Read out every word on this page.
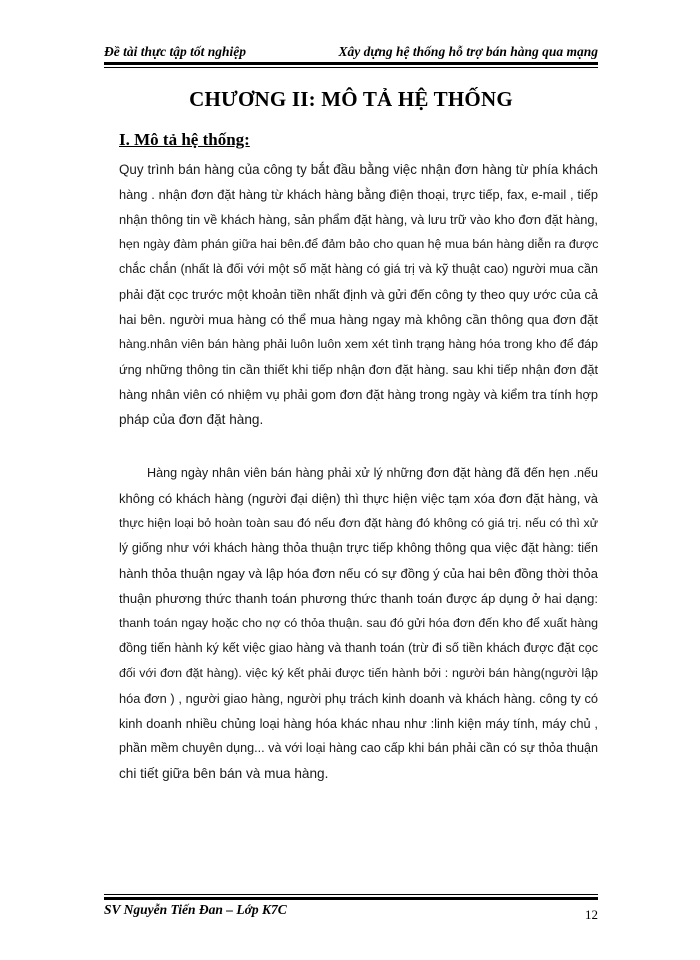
Đề tài thực tập tốt nghiệp	Xây dựng hệ thống hỗ trợ bán hàng qua mạng
CHƯƠNG II: MÔ TẢ HỆ THỐNG
I. Mô tả hệ thống:
Quy trình bán hàng của công ty bắt đầu bằng việc nhận đơn hàng từ phía khách
hàng . nhận đơn đặt hàng từ khách hàng bằng điện thoại, trực tiếp, fax, e-mail , tiếp
nhận thông tin về khách hàng, sản phẩm đặt hàng, và lưu trữ vào kho đơn đặt hàng,
hẹn ngày đàm phán giữa hai bên.để đảm bảo cho quan hệ mua bán hàng diễn ra được
chắc chắn (nhất là đối với một số mặt hàng có giá trị và kỹ thuật cao) người mua cần
phải đặt cọc trước một khoản tiền nhất định và gửi đến công ty theo quy ước của cả
hai bên. người mua hàng có thể mua hàng ngay mà không cần thông qua đơn đặt
hàng.nhân viên bán hàng phải luôn luôn xem xét tình trạng hàng hóa trong kho để đáp
ứng những thông tin cần thiết khi tiếp nhận đơn đặt hàng. sau khi tiếp nhận đơn đặt
hàng nhân viên có nhiệm vụ phải gom đơn đặt hàng trong ngày và kiểm tra tính hợp
pháp của đơn đặt hàng.
Hàng ngày nhân viên bán hàng phải xử lý những đơn đặt hàng đã đến hẹn .nếu
không có khách hàng (người đại diện) thì thực hiện việc tạm xóa đơn đặt hàng, và
thực hiện loại bỏ hoàn toàn sau đó nếu đơn đặt hàng đó không có giá trị. nếu có thì xử
lý giống như với khách hàng thỏa thuận trực tiếp không thông qua việc đặt hàng: tiến
hành thỏa thuận ngay và lập hóa đơn nếu có sự đồng ý của hai bên đồng thời thỏa
thuận phương thức thanh toán phương thức thanh toán được áp dụng ở hai dạng:
thanh toán ngay hoặc cho nợ có thỏa thuận. sau đó gửi hóa đơn đến kho để xuất hàng
đồng tiến hành ký kết việc giao hàng và thanh toán (trừ đi số tiền khách được đặt cọc
đối với đơn đặt hàng). việc ký kết phải được tiến hành bởi : người bán hàng(người lập
hóa đơn ) , người giao hàng, người phụ trách kinh doanh và khách hàng. công ty có
kinh doanh nhiều chủng loại hàng hóa khác nhau như :linh kiện máy tính, máy chủ ,
phần mềm chuyên dụng... và với loại hàng cao cấp khi bán phải cần có sự thỏa thuận
chi tiết giữa bên bán và mua hàng.
SV Nguyễn Tiến Đan – Lớp K7C	12
